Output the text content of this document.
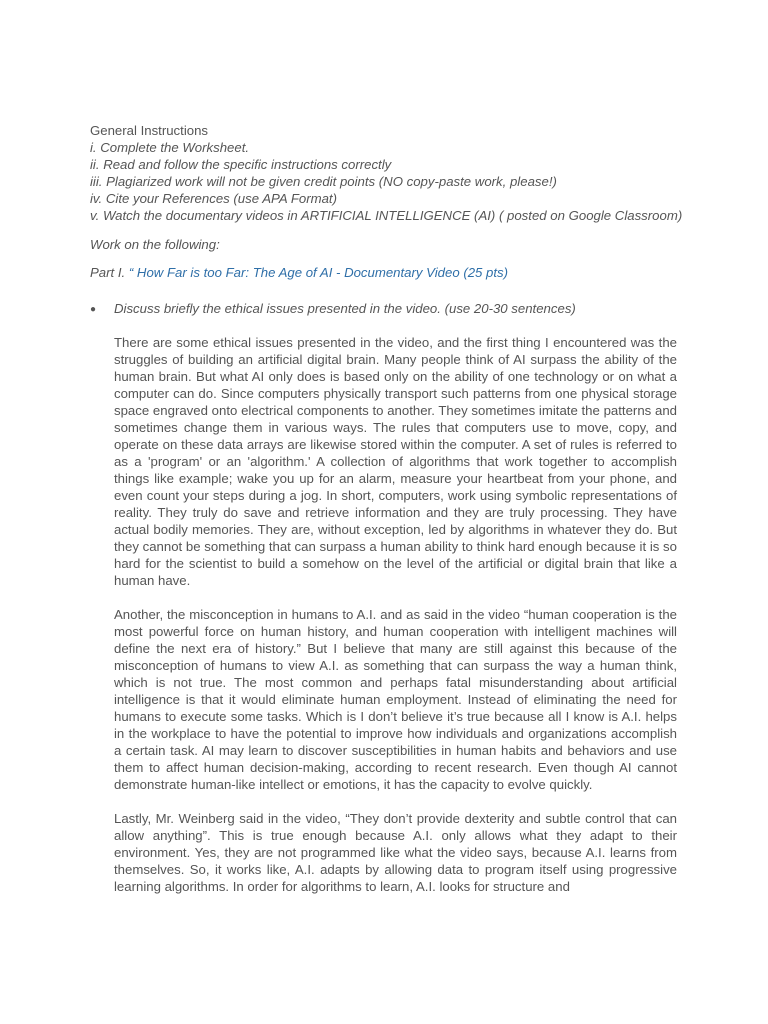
General Instructions
i. Complete the Worksheet.
ii. Read and follow the specific instructions correctly
iii. Plagiarized work will not be given credit points (NO copy-paste work, please!)
iv. Cite your References (use APA Format)
v. Watch the documentary videos in ARTIFICIAL INTELLIGENCE (AI) ( posted on Google Classroom)
Work on the following:
Part I. “ How Far is too Far: The Age of AI - Documentary Video (25 pts)
● Discuss briefly the ethical issues presented in the video. (use 20-30 sentences)

There are some ethical issues presented in the video, and the first thing I encountered was the struggles of building an artificial digital brain. Many people think of AI surpass the ability of the human brain. But what AI only does is based only on the ability of one technology or on what a computer can do. Since computers physically transport such patterns from one physical storage space engraved onto electrical components to another. They sometimes imitate the patterns and sometimes change them in various ways. The rules that computers use to move, copy, and operate on these data arrays are likewise stored within the computer. A set of rules is referred to as a 'program' or an 'algorithm.' A collection of algorithms that work together to accomplish things like example; wake you up for an alarm, measure your heartbeat from your phone, and even count your steps during a jog. In short, computers, work using symbolic representations of reality. They truly do save and retrieve information and they are truly processing. They have actual bodily memories. They are, without exception, led by algorithms in whatever they do. But they cannot be something that can surpass a human ability to think hard enough because it is so hard for the scientist to build a somehow on the level of the artificial or digital brain that like a human have.

Another, the misconception in humans to A.I. and as said in the video “human cooperation is the most powerful force on human history, and human cooperation with intelligent machines will define the next era of history.” But I believe that many are still against this because of the misconception of humans to view A.I. as something that can surpass the way a human think, which is not true. The most common and perhaps fatal misunderstanding about artificial intelligence is that it would eliminate human employment. Instead of eliminating the need for humans to execute some tasks. Which is I don’t believe it’s true because all I know is A.I. helps in the workplace to have the potential to improve how individuals and organizations accomplish a certain task. AI may learn to discover susceptibilities in human habits and behaviors and use them to affect human decision-making, according to recent research. Even though AI cannot demonstrate human-like intellect or emotions, it has the capacity to evolve quickly.

Lastly, Mr. Weinberg said in the video, “They don’t provide dexterity and subtle control that can allow anything”. This is true enough because A.I. only allows what they adapt to their environment. Yes, they are not programmed like what the video says, because A.I. learns from themselves. So, it works like, A.I. adapts by allowing data to program itself using progressive learning algorithms. In order for algorithms to learn, A.I. looks for structure and
